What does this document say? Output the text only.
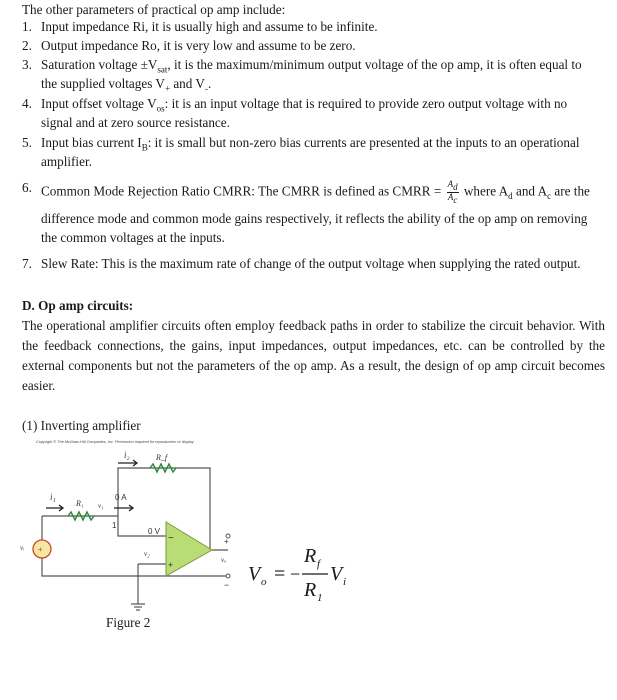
The other parameters of practical op amp include:
1. Input impedance Ri, it is usually high and assume to be infinite.
2. Output impedance Ro, it is very low and assume to be zero.
3. Saturation voltage $\pm V_{sat}$, it is the maximum/minimum output voltage of the op amp, it is often equal to
the supplied voltages $V_+$ and $V_-$.
4. Input offset voltage $V_{os}$: it is an input voltage that is required to provide zero output voltage with no
signal and at zero source resistance.
5. Input bias current $I_B$: it is small but non-zero bias currents are presented at the inputs to an operational
amplifier.
6. Common Mode Rejection Ratio CMRR: The CMRR is defined as CMRR = $\frac{A_d}{A_c}$ where $A_d$ and $A_c$ are the
difference mode and common mode gains respectively, it reflects the ability of the op amp on removing
the common voltages at the inputs.
7. Slew Rate: This is the maximum rate of change of the output voltage when supplying the rated output.
D. Op amp circuits:
The operational amplifier circuits often employ feedback paths in order to stabilize the circuit behavior. With the feedback connections, the gains, input impedances, output impedances, etc. can be controlled by the external components but not the parameters of the op amp. As a result, the design of op amp circuit becomes easier.
(1) Inverting amplifier
Copyright © The McGraw-Hill Companies, Inc. Permission required for reproduction or display
+
i₂	R_f
i₁
R₁ v₁
v₂
vᵢ
vₒ
0 A
0 V
1
−
+
+
−
Figure 2
V o
R f
R 1
V i
= −
